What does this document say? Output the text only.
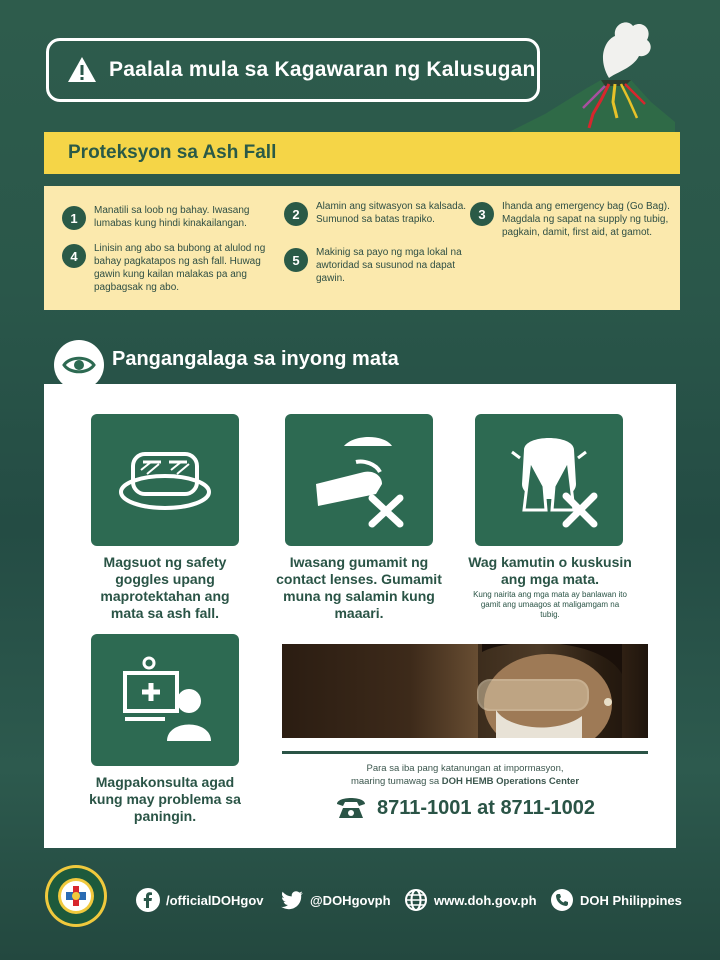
Paalala mula sa Kagawaran ng Kalusugan
Proteksyon sa Ash Fall
1	Manatili sa loob ng bahay. Iwasang lumabas kung hindi kinakailangan.
2	Alamin ang sitwasyon sa kalsada. Sumunod sa batas trapiko.	3	Ihanda ang emergency bag (Go Bag). Magdala ng sapat na supply ng tubig, pagkain, damit, first aid, at gamot.
4	Linisin ang abo sa bubong at alulod ng bahay pagkatapos ng ash fall. Huwag gawin kung kailan malakas pa ang pagbagsak ng abo.
5	Makinig sa payo ng mga lokal na awtoridad sa susunod na dapat gawin.
Pangangalaga sa inyong mata
Magsuot ng safety goggles upang maprotektahan ang mata sa ash fall.
Iwasang gumamit ng contact lenses. Gumamit muna ng salamin kung maaari.
Wag kamutin o kuskusin ang mga mata.
Kung nairita ang mga mata ay banlawan ito gamit ang umaagos at maligamgam na tubig.
Magpakonsulta agad kung may problema sa paningin.
Para sa iba pang katanungan at impormasyon,
maaring tumawag sa DOH HEMB Operations Center
8711-1001 at 8711-1002
/officialDOHgov	@DOHgovph	www.doh.gov.ph	DOH Philippines
